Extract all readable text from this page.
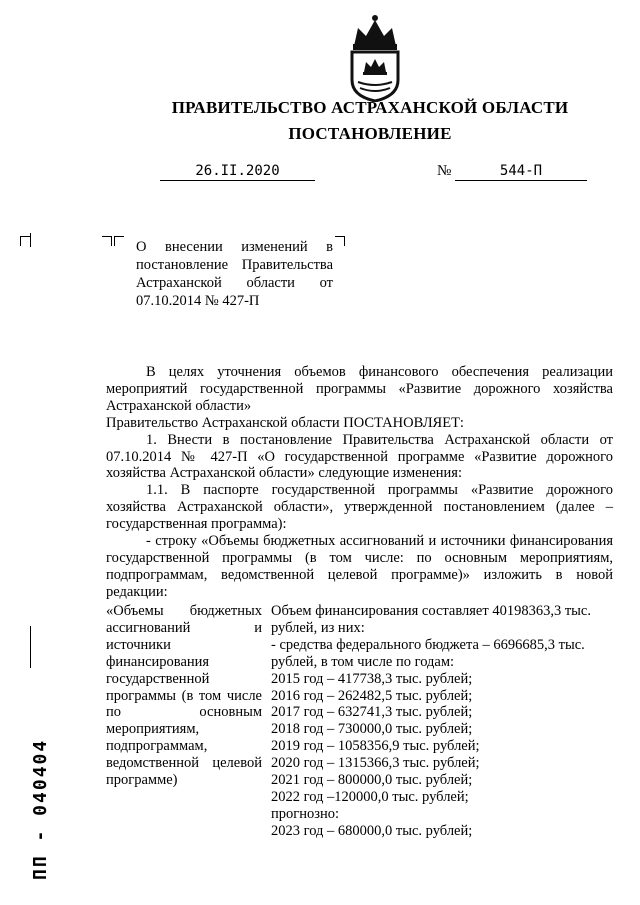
ПРАВИТЕЛЬСТВО АСТРАХАНСКОЙ ОБЛАСТИ
ПОСТАНОВЛЕНИЕ
26.II.2020	№	544-П
О внесении изменений в
постановление Правительства
Астраханской области от
07.10.2014 № 427-П

В целях уточнения объемов финансового обеспечения реализации мероприятий государственной программы «Развитие дорожного хозяйства Астраханской области»

Правительство Астраханской области ПОСТАНОВЛЯЕТ:

1. Внести в постановление Правительства Астраханской области от 07.10.2014 № 427-П «О государственной программе «Развитие дорожного хозяйства Астраханской области» следующие изменения:

1.1. В паспорте государственной программы «Развитие дорожного хозяйства Астраханской области», утвержденной постановлением (далее – государственная программа):

- строку «Объемы бюджетных ассигнований и источники финансирования государственной программы (в том числе: по основным мероприятиям, подпрограммам, ведомственной целевой программе)» изложить в новой редакции:

«Объемы бюджетных ассигнований и источники финансирования государственной программы (в том числе по основным мероприятиям, подпрограммам, ведомственной целевой программе)
Объем финансирования составляет 40198363,3 тыс.
рублей, из них:
- средства федерального бюджета – 6696685,3 тыс.
рублей, в том числе по годам:
2015 год – 417738,3 тыс. рублей;
2016 год – 262482,5 тыс. рублей;
2017 год – 632741,3 тыс. рублей;
2018 год – 730000,0 тыс. рублей;
2019 год – 1058356,9 тыс. рублей;
2020 год – 1315366,3 тыс. рублей;
2021 год – 800000,0 тыс. рублей;
2022 год –120000,0 тыс. рублей;
прогнозно:
2023 год – 680000,0 тыс. рублей;
ПП - 040404
